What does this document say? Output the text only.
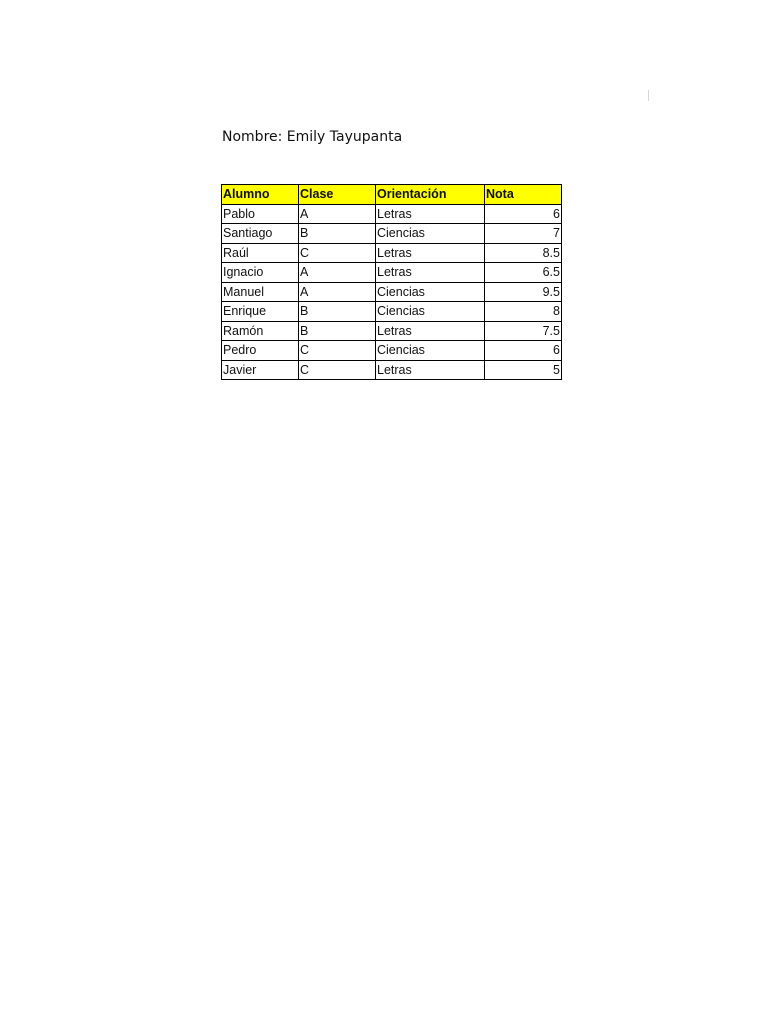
Nombre: Emily Tayupanta
Alumno	Clase	Orientación	Nota
Pablo	A	Letras	6
Santiago	B	Ciencias	7
Raúl	C	Letras	8.5
Ignacio	A	Letras	6.5
Manuel	A	Ciencias	9.5
Enrique	B	Ciencias	8
Ramón	B	Letras	7.5
Pedro	C	Ciencias	6
Javier	C	Letras	5
